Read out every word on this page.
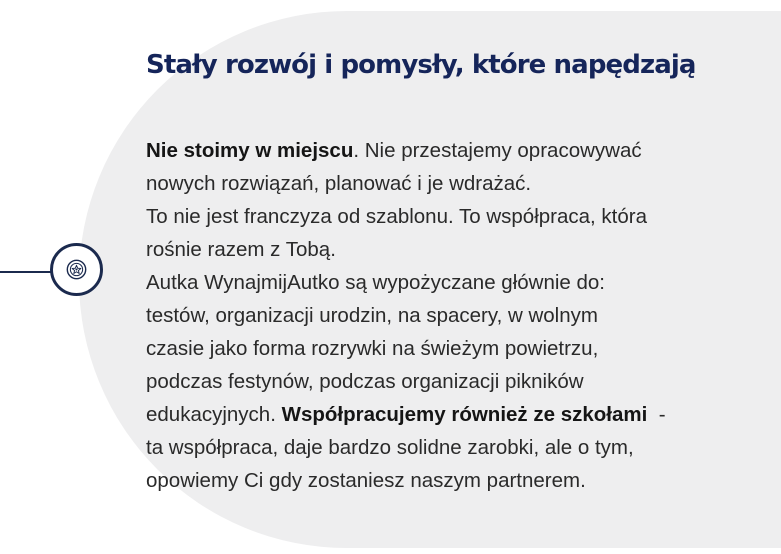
Stały rozwój i pomysły, które napędzają
Nie stoimy w miejscu. Nie przestajemy opracowywać
nowych rozwiązań, planować i je wdrażać.
To nie jest franczyza od szablonu. To współpraca, która
rośnie razem z Tobą.
Autka WynajmijAutko są wypożyczane głównie do:
testów, organizacji urodzin, na spacery, w wolnym
czasie jako forma rozrywki na świeżym powietrzu,
podczas festynów, podczas organizacji pikników
edukacyjnych. Współpracujemy również ze szkołami  -
ta współpraca, daje bardzo solidne zarobki, ale o tym,
opowiemy Ci gdy zostaniesz naszym partnerem.
